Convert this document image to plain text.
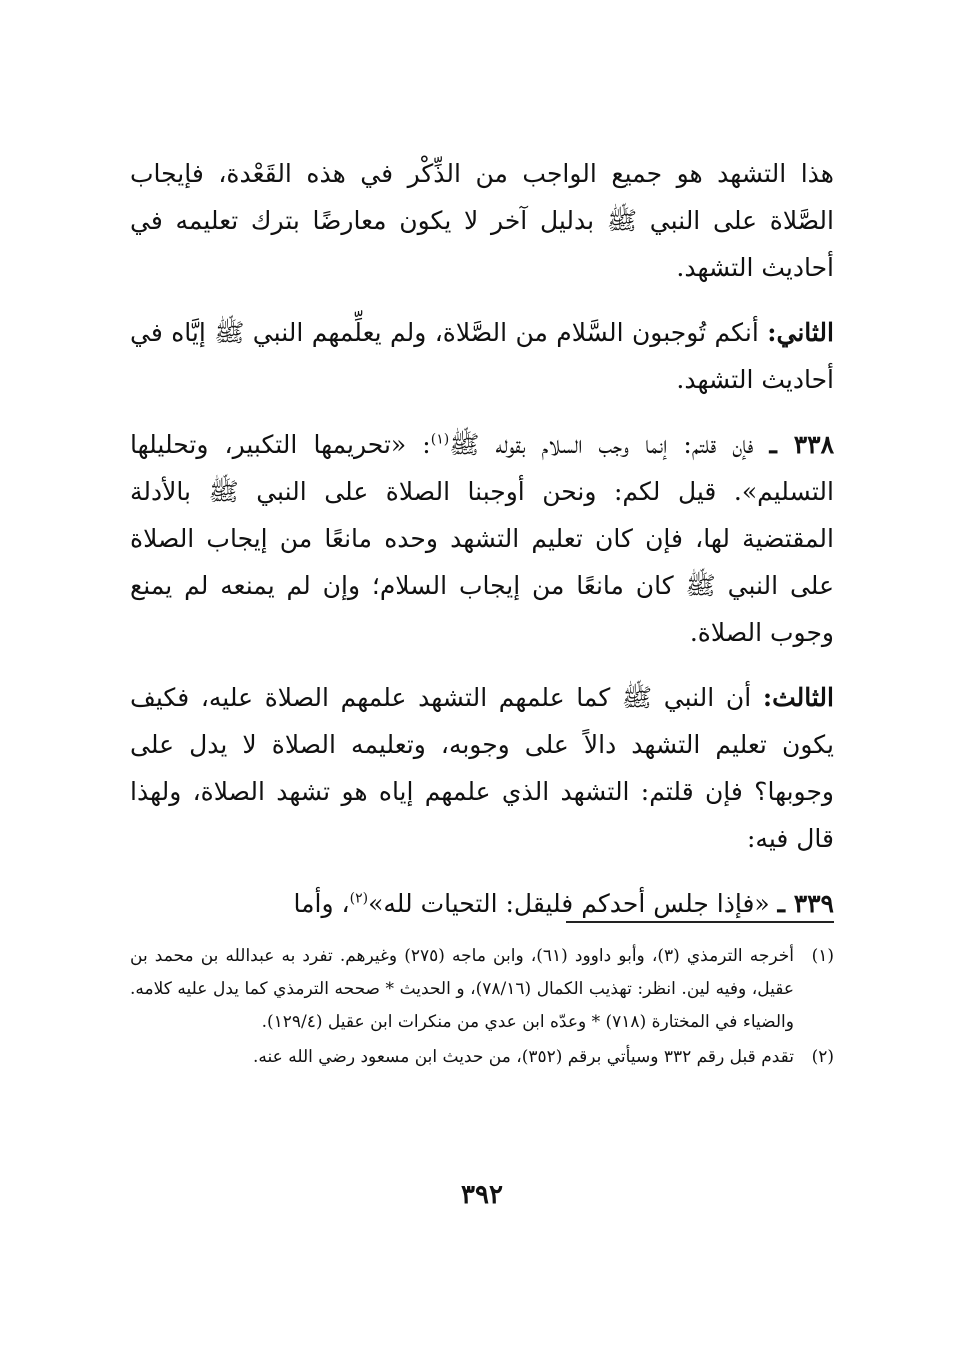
هذا التشهد هو جميع الواجب من الذِّكْر في هذه القَعْدة، فإيجاب الصَّلاة على النبي ﷺ بدليل آخر لا يكون معارضًا بترك تعليمه في أحاديث التشهد.

الثاني: أنكم تُوجبون السَّلام من الصَّلاة، ولم يعلِّمهم النبي ﷺ إيَّاه في أحاديث التشهد.

٣٣٨ ـ فإن قلتم: إنما وجب السلام بقوله ﷺ$^{(١)}$: «تحريمها التكبير، وتحليلها التسليم». قيل لكم: ونحن أوجبنا الصلاة على النبي ﷺ بالأدلة المقتضية لها، فإن كان تعليم التشهد وحده مانعًا من إيجاب الصلاة على النبي ﷺ كان مانعًا من إيجاب السلام؛ وإن لم يمنعه لم يمنع وجوب الصلاة.

الثالث: أن النبي ﷺ كما علمهم التشهد علمهم الصلاة عليه، فكيف يكون تعليم التشهد دالاً على وجوبه، وتعليمه الصلاة لا يدل على وجوبها؟ فإن قلتم: التشهد الذي علمهم إياه هو تشهد الصلاة، ولهذا قال فيه:

٣٣٩ ـ «فإذا جلس أحدكم فليقل: التحيات لله»$^{(٢)}$، وأما

(١)
أخرجه الترمذي (٣)، وأبو داوود (٦١)، وابن ماجه (٢٧٥) وغيرهم. تفرد به عبدالله بن محمد بن عقيل، وفيه لين. انظر: تهذيب الكمال (٧٨/١٦)، و الحديث * صححه الترمذي كما يدل عليه كلامه. والضياء في المختارة (٧١٨) * وعدّه ابن عدي من منكرات ابن عقيل (١٢٩/٤).
(٢)
تقدم قبل رقم ٣٣٢ وسيأتي برقم (٣٥٢)، من حديث ابن مسعود رضي الله عنه.
٣٩٢
